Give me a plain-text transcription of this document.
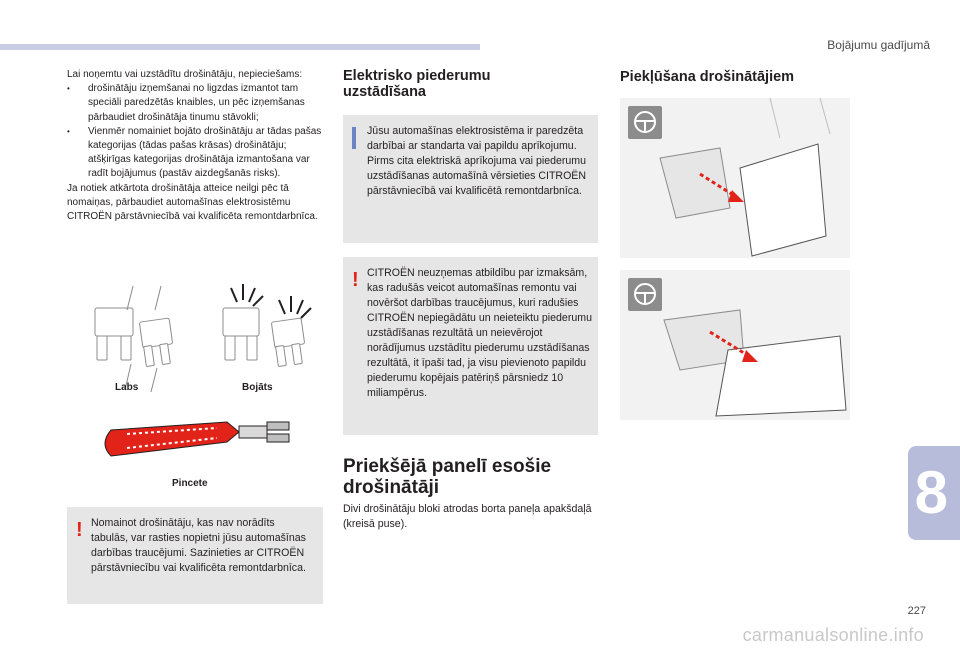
Bojājumu gadījumā
8
227
carmanualsonline.info
Lai noņemtu vai uzstādītu drošinātāju, nepieciešams:
• drošinātāju izņemšanai no ligzdas izmantot tam speciāli paredzētās knaibles, un pēc izņemšanas pārbaudiet drošinātāja tinumu stāvokli;
• Vienmēr nomainiet bojāto drošinātāju ar tādas pašas kategorijas (tādas pašas krāsas) drošinātāju; atšķirīgas kategorijas drošinātāja izmantošana var radīt bojājumus (pastāv aizdegšanās risks).
Ja notiek atkārtota drošinātāja atteice neilgi pēc tā nomaiņas, pārbaudiet automašīnas elektrosistēmu CITROËN pārstāvniecībā vai kvalificēta remontdarbnīca.
Labs	Bojāts
Pincete
! Nomainot drošinātāju, kas nav norādīts tabulās, var rasties nopietni jūsu automašīnas darbības traucējumi. Sazinieties ar CITROËN pārstāvniecību vai kvalificēta remontdarbnīca.
Elektrisko piederumu uzstādīšana
Jūsu automašīnas elektrosistēma ir paredzēta darbībai ar standarta vai papildu aprīkojumu.
Pirms cita elektriskā aprīkojuma vai piederumu uzstādīšanas automašīnā vērsieties CITROËN pārstāvniecībā vai kvalificētā remontdarbnīca.
! CITROËN neuzņemas atbildību par izmaksām, kas radušās veicot automašīnas remontu vai novēršot darbības traucējumus, kuri radušies CITROËN nepiegādātu un neieteiktu piederumu uzstādīšanas rezultātā un neievērojot norādījumus uzstādītu piederumu uzstādīšanas rezultātā, it īpaši tad, ja visu pievienoto papildu piederumu kopējais patēriņš pārsniedz 10 miliampērus.
Priekšējā panelī esošie drošinātāji
Divi drošinātāju bloki atrodas borta paneļa apakšdaļā (kreisā puse).
Piekļūšana drošinātājiem
